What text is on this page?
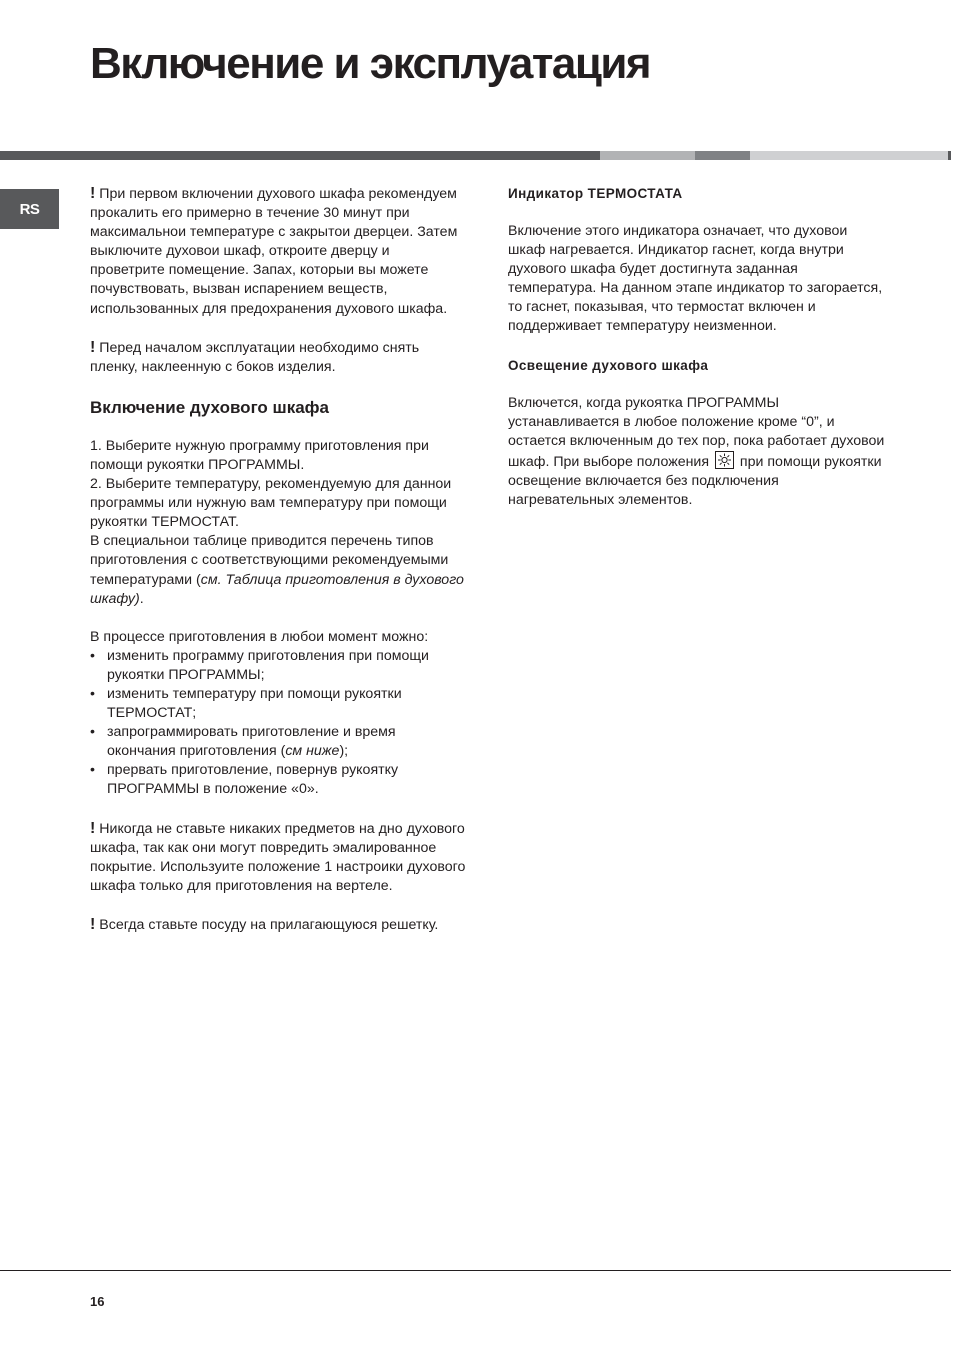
Включение и эксплуатация
RS

! При первом включении духового шкафа рекомендуем прокалить его примерно в течение 30 минут при максимальнои температуре с закрытои дверцеи. Затем выключите духовои шкаф, откроите дверцу и проветрите помещение. Запах, которыи вы можете почувствовать, вызван испарением веществ, использованных для предохранения духового шкафа.

! Перед началом эксплуатации необходимо снять пленку, наклеенную с боков изделия.

Включение духового шкафа

1. Выберите нужную программу приготовления при помощи рукоятки ПРОГРАММЫ.

2. Выберите температуру, рекомендуемую для даннои программы или нужную вам температуру при помощи рукоятки ТЕРМОСТАТ.

В специальнои таблице приводится перечень типов приготовления с соответствующими рекомендуемыми температурами (см. Таблица приготовления в духового шкафу).

В процессе приготовления в любои момент можно:

• изменить программу приготовления при помощи рукоятки ПРОГРАММЫ;
• изменить температуру при помощи рукоятки ТЕРМОСТАТ;
• запрограммировать приготовление и время окончания приготовления (см ниже);
• прервать приготовление, повернув рукоятку ПРОГРАММЫ в положение «0».

! Никогда не ставьте никаких предметов на дно духового шкафа, так как они могут повредить эмалированное покрытие. Используите положение 1 настроики духового шкафа только для приготовления на вертеле.

! Всегда ставьте посуду на прилагающуюся решетку.

Индикатор ТЕРМОСТАТА

Включение этого индикатора означает, что духовои шкаф нагревается. Индикатор гаснет, когда внутри духового шкафа будет достигнута заданная температура. На данном этапе индикатор то загорается, то гаснет, показывая, что термостат включен и поддерживает температуру неизменнои.

Освещение духового шкафа

Включется, когда рукоятка ПРОГРАММЫ устанавливается в любое положение кроме “0”, и остается включенным до тех пор, пока работает духовои шкаф. При выборе положения
при помощи рукоятки освещение включается без подключения нагревательных элементов.

16
